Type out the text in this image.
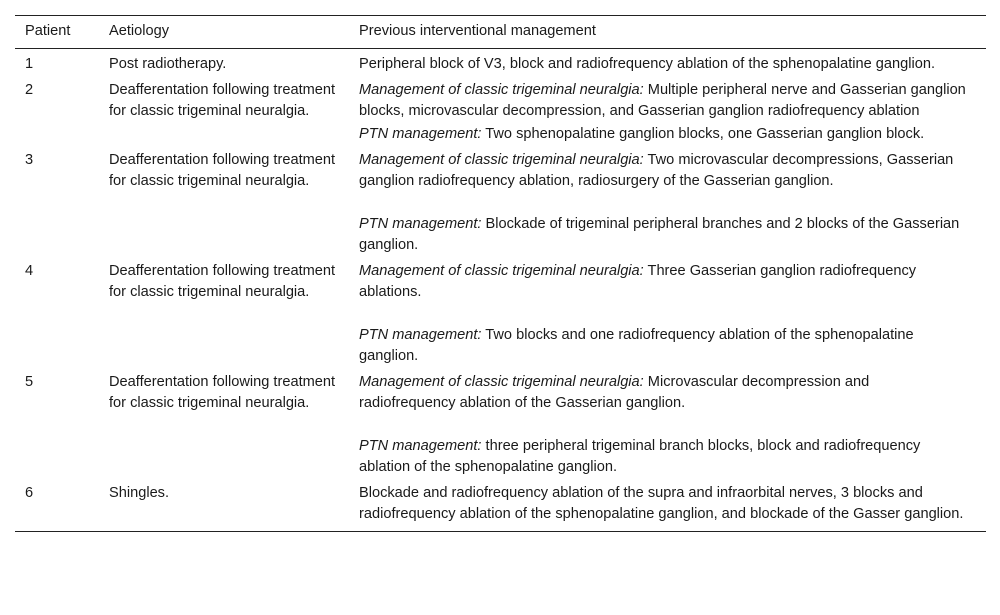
Patient	Aetiology	Previous interventional management
1	Post radiotherapy.	Peripheral block of V3, block and radiofrequency ablation of the sphenopalatine ganglion.

2	Deafferentation following treatment for classic trigeminal neuralgia.	Management of classic trigeminal neuralgia: Multiple peripheral nerve and Gasserian ganglion blocks, microvascular decompression, and Gasserian ganglion radiofrequency ablation
PTN management: Two sphenopalatine ganglion blocks, one Gasserian ganglion block.

3	Deafferentation following treatment for classic trigeminal neuralgia.	Management of classic trigeminal neuralgia: Two microvascular decompressions, Gasserian ganglion radiofrequency ablation, radiosurgery of the Gasserian ganglion.
PTN management: Blockade of trigeminal peripheral branches and 2 blocks of the Gasserian ganglion.

4	Deafferentation following treatment for classic trigeminal neuralgia.	Management of classic trigeminal neuralgia: Three Gasserian ganglion radiofrequency ablations.
PTN management: Two blocks and one radiofrequency ablation of the sphenopalatine ganglion.

5	Deafferentation following treatment for classic trigeminal neuralgia.	Management of classic trigeminal neuralgia: Microvascular decompression and radiofrequency ablation of the Gasserian ganglion.
PTN management: three peripheral trigeminal branch blocks, block and radiofrequency ablation of the sphenopalatine ganglion.

6	Shingles.	Blockade and radiofrequency ablation of the supra and infraorbital nerves, 3 blocks and radiofrequency ablation of the sphenopalatine ganglion, and blockade of the Gasser ganglion.
